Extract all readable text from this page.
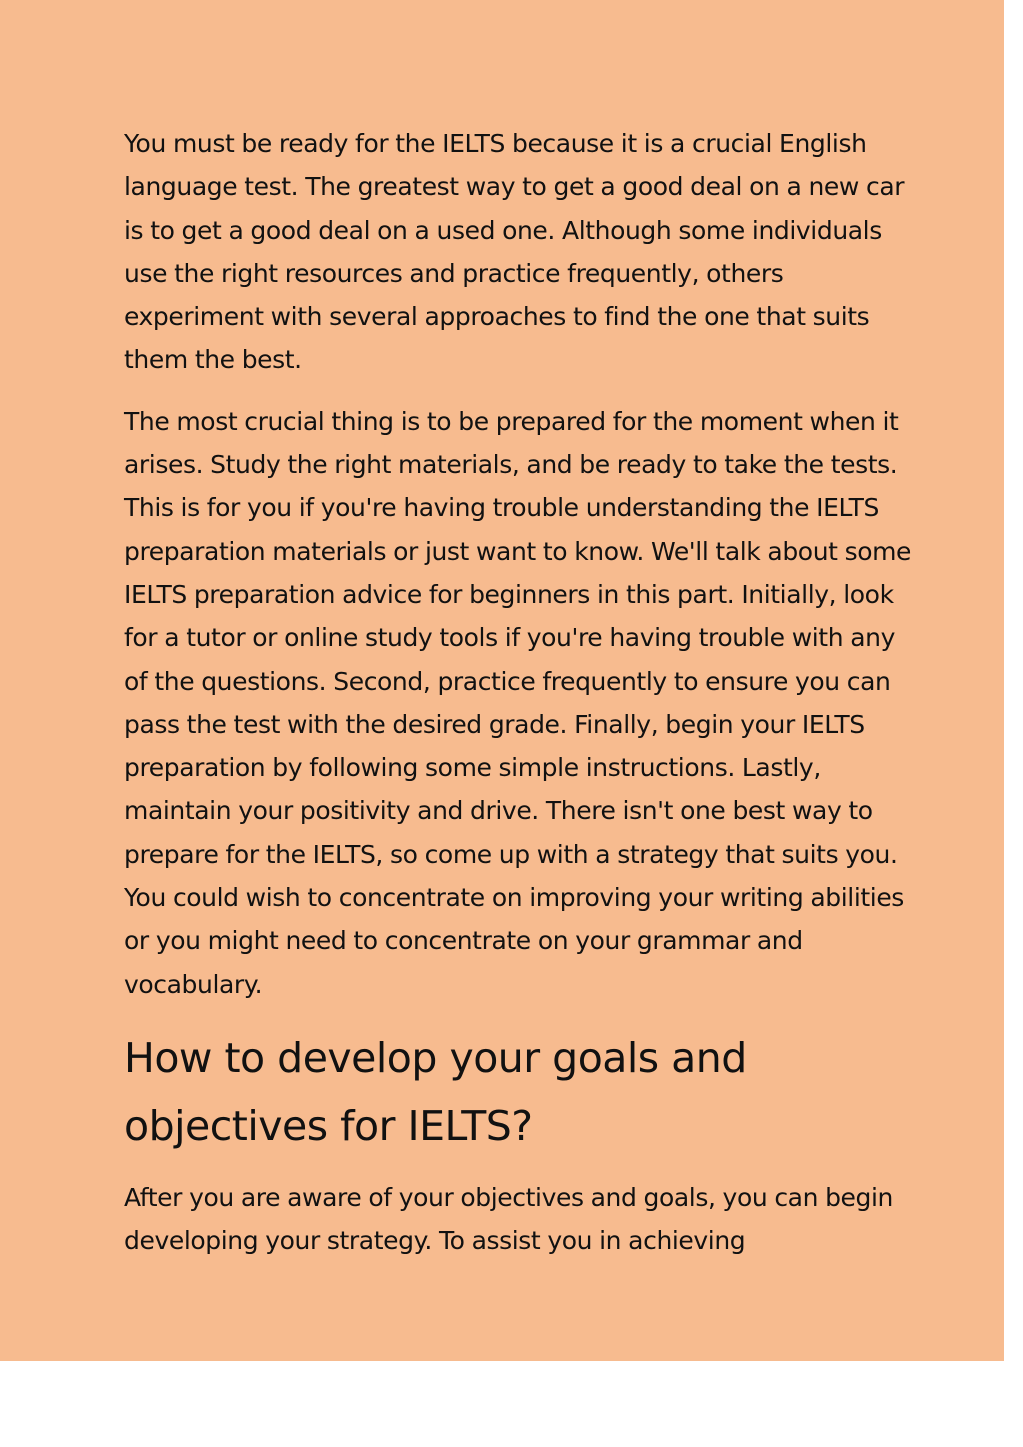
You must be ready for the IELTS because it is a crucial English language test. The greatest way to get a good deal on a new car is to get a good deal on a used one. Although some individuals use the right resources and practice frequently, others experiment with several approaches to find the one that suits them the best.

The most crucial thing is to be prepared for the moment when it arises. Study the right materials, and be ready to take the tests. This is for you if you're having trouble understanding the IELTS preparation materials or just want to know. We'll talk about some IELTS preparation advice for beginners in this part. Initially, look for a tutor or online study tools if you're having trouble with any of the questions. Second, practice frequently to ensure you can pass the test with the desired grade. Finally, begin your IELTS preparation by following some simple instructions. Lastly, maintain your positivity and drive. There isn't one best way to prepare for the IELTS, so come up with a strategy that suits you. You could wish to concentrate on improving your writing abilities or you might need to concentrate on your grammar and vocabulary.

How to develop your goals and objectives for IELTS?

After you are aware of your objectives and goals, you can begin developing your strategy. To assist you in achieving
